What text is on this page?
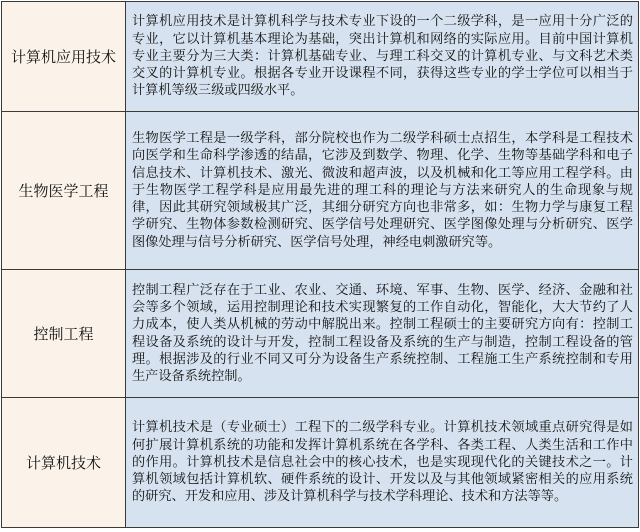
计算机应用技术	计算机应用技术是计算机科学与技术专业下设的一个二级学科，是一应用十分广泛的专业，它以计算机基本理论为基础，突出计算机和网络的实际应用。目前中国计算机专业主要分为三大类：计算机基础专业、与理工科交叉的计算机专业、与文科艺术类交叉的计算机专业。根据各专业开设课程不同，获得这些专业的学士学位可以相当于计算机等级三级或四级水平。
生物医学工程	生物医学工程是一级学科，部分院校也作为二级学科硕士点招生，本学科是工程技术向医学和生命科学渗透的结晶，它涉及到数学、物理、化学、生物等基础学科和电子信息技术、计算机技术、激光、微波和超声波，以及机械和化工等应用工程学科。由于生物医学工程学科是应用最先进的理工科的理论与方法来研究人的生命现象与规律，因此其研究领域极其广泛，其细分研究方向也非常多，如：生物力学与康复工程学研究、生物体参数检测研究、医学信号处理研究、医学图像处理与分析研究、医学图像处理与信号分析研究、医学信号处理，神经电刺激研究等。
控制工程	控制工程广泛存在于工业、农业、交通、环境、军事、生物、医学、经济、金融和社会等多个领域，运用控制理论和技术实现繁复的工作自动化，智能化，大大节约了人力成本，使人类从机械的劳动中解脱出来。控制工程硕士的主要研究方向有：控制工程设备及系统的设计与开发，控制工程设备及系统的生产与制造，控制工程设备的管理。根据涉及的行业不同又可分为设备生产系统控制、工程施工生产系统控制和专用生产设备系统控制。
计算机技术	计算机技术是（专业硕士）工程下的二级学科专业。计算机技术领域重点研究得是如何扩展计算机系统的功能和发挥计算机系统在各学科、各类工程、人类生活和工作中的作用。计算机技术是信息社会中的核心技术，也是实现现代化的关键技术之一。计算机领域包括计算机软、硬件系统的设计、开发以及与其他领域紧密相关的应用系统的研究、开发和应用、涉及计算机科学与技术学科理论、技术和方法等等。
